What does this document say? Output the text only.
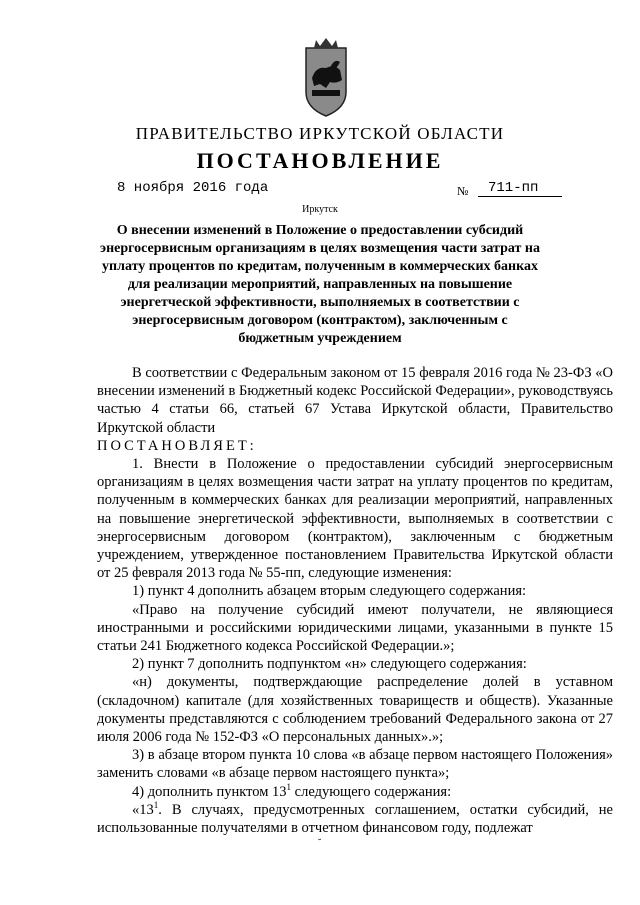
ПРАВИТЕЛЬСТВО ИРКУТСКОЙ ОБЛАСТИ
ПОСТАНОВЛЕНИЕ
8 ноября 2016 года	№	711-пп
Иркутск
О внесении изменений в Положение о предоставлении субсидий энергосервисным организациям в целях возмещения части затрат на уплату процентов по кредитам, полученным в коммерческих банках для реализации мероприятий, направленных на повышение энергетческой эффективности, выполняемых в соответствии с энергосервисным договором (контрактом), заключенным с бюджетным учреждением

В соответствии с Федеральным законом от 15 февраля 2016 года № 23-ФЗ «О внесении изменений в Бюджетный кодекс Российской Федерации», руководствуясь частью 4 статьи 66, статьей 67 Устава Иркутской области, Правительство Иркутской области

ПОСТАНОВЛЯЕТ:

1. Внести в Положение о предоставлении субсидий энергосервисным организациям в целях возмещения части затрат на уплату процентов по кредитам, полученным в коммерческих банках для реализации мероприятий, направленных на повышение энергетической эффективности, выполняемых в соответствии с энергосервисным договором (контрактом), заключенным с бюджетным учреждением, утвержденное постановлением Правительства Иркутской области от 25 февраля 2013 года № 55-пп, следующие изменения:

1) пункт 4 дополнить абзацем вторым следующего содержания:

«Право на получение субсидий имеют получатели, не являющиеся иностранными и российскими юридическими лицами, указанными в пункте 15 статьи 241 Бюджетного кодекса Российской Федерации.»;

2) пункт 7 дополнить подпунктом «н» следующего содержания:

«н) документы, подтверждающие распределение долей в уставном (складочном) капитале (для хозяйственных товариществ и обществ). Указанные документы представляются с соблюдением требований Федерального закона от 27 июля 2006 года № 152-ФЗ «О персональных данных».»;

3) в абзаце втором пункта 10 слова «в абзаце первом настоящего Положения» заменить словами «в абзаце первом настоящего пункта»;

4) дополнить пунктом $13^1$ следующего содержания:

«$13^1$. В случаях, предусмотренных соглашением, остатки субсидий, не использованные получателями в отчетном финансовом году, подлежат

˘
